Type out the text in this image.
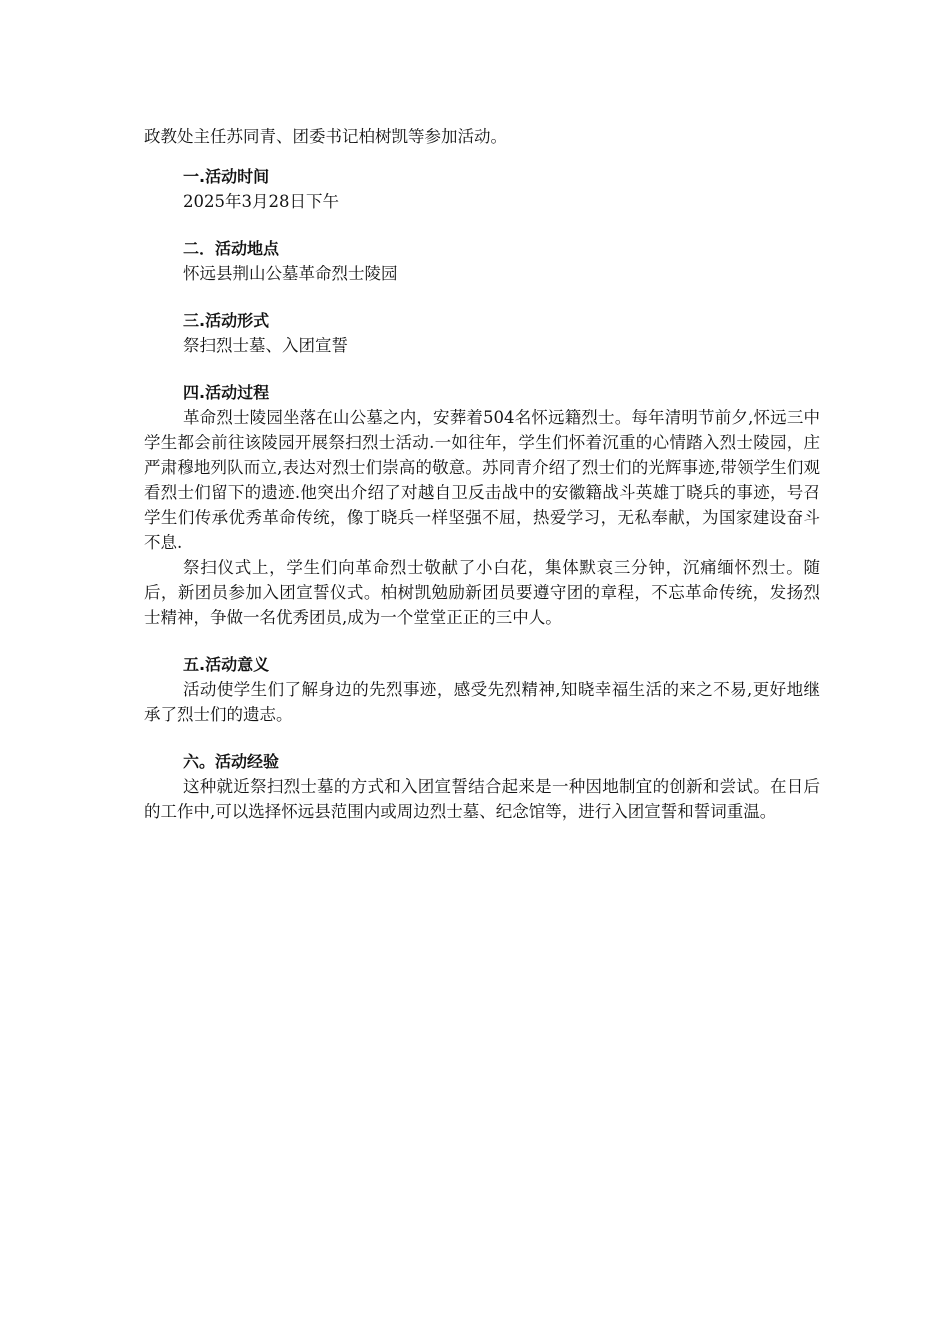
政教处主任苏同青、团委书记柏树凯等参加活动。

一.活动时间
2025年3月28日下午
二．活动地点
怀远县荆山公墓革命烈士陵园
三.活动形式
祭扫烈士墓、入团宣誓
四.活动过程

革命烈士陵园坐落在山公墓之内，安葬着504名怀远籍烈士。每年清明节前夕,怀远三中学生都会前往该陵园开展祭扫烈士活动.一如往年，学生们怀着沉重的心情踏入烈士陵园，庄严肃穆地列队而立,表达对烈士们崇高的敬意。苏同青介绍了烈士们的光辉事迹,带领学生们观看烈士们留下的遗迹.他突出介绍了对越自卫反击战中的安徽籍战斗英雄丁晓兵的事迹，号召学生们传承优秀革命传统，像丁晓兵一样坚强不屈，热爱学习，无私奉献，为国家建设奋斗不息.

祭扫仪式上，学生们向革命烈士敬献了小白花，集体默哀三分钟，沉痛缅怀烈士。随后，新团员参加入团宣誓仪式。柏树凯勉励新团员要遵守团的章程，不忘革命传统，发扬烈士精神，争做一名优秀团员,成为一个堂堂正正的三中人。

五.活动意义

活动使学生们了解身边的先烈事迹，感受先烈精神,知晓幸福生活的来之不易,更好地继承了烈士们的遗志。

六。活动经验

这种就近祭扫烈士墓的方式和入团宣誓结合起来是一种因地制宜的创新和尝试。在日后的工作中,可以选择怀远县范围内或周边烈士墓、纪念馆等，进行入团宣誓和誓词重温。
